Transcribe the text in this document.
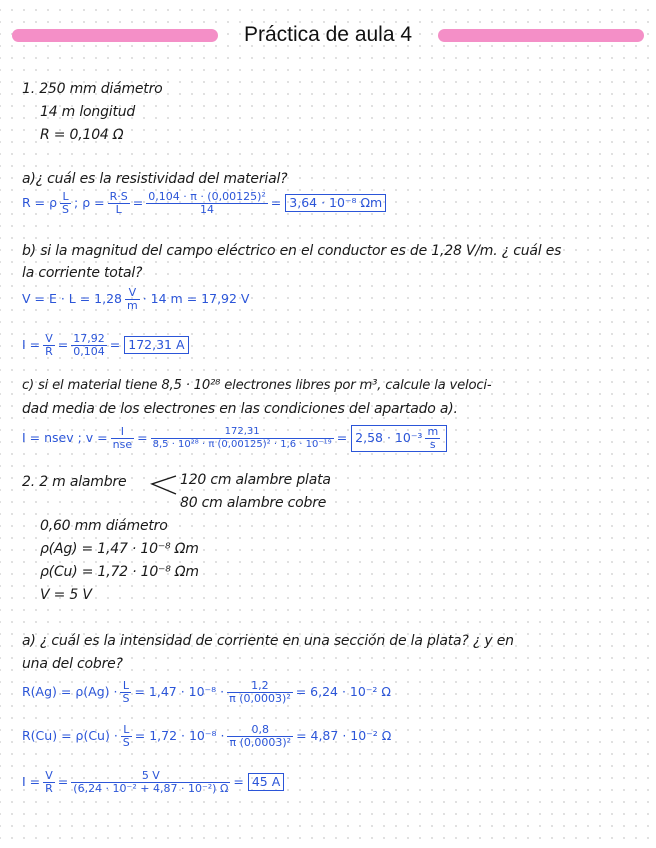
Práctica de aula 4
1. 250 mm diámetro
14 m longitud
R = 0,104 Ω
a)¿ cuál es la resistividad del material?
R = ρ $\frac{L}{S}$ ; $\rho = \frac{R\cdot S}{L} = \frac{\text{0,104 · π · (0,00125)²}}{14} = 3,64 \cdot 10^{-8}$ Ωm
b) si la magnitud del campo eléctrico en el conductor es de 1,28 V/m. ¿ cuál es
la corriente total?
$V = E \cdot L = 1,28 \frac{V}{m} \cdot 14$ m = 17,92 V
$I = \frac{V}{R} = \frac{17,92}{0,104} = 172,31$ A
c) si el material tiene 8,5 · 10²⁸ electrones libres por m³, calcule la veloci-
dad media de los electrones en las condiciones del apartado a).
I = nsev ; $v = \frac{I}{\text{nse}} = \frac{172,31}{\text{8,5 · 10²⁸ · π (0,00125)² · 1,6 · 10⁻¹⁹}} = 2,58 \cdot 10^{-3} \frac{m}{s}$
2. 2 m alambre	120 cm alambre plata
80 cm alambre cobre
0,60 mm diámetro
ρ(Ag) = 1,47 · 10⁻⁸ Ωm
ρ(Cu) = 1,72 · 10⁻⁸ Ωm
V = 5 V
a) ¿ cuál es la intensidad de corriente en una sección de la plata? ¿ y en
una del cobre?
$R(Ag) = \rho(Ag) \cdot \frac{L}{S} = 1,47 \cdot 10^{-8} \cdot \frac{1,2}{\text{π (0,0003)²}} = 6,24 \cdot 10^{-2}$ Ω
$R(Cu) = \rho(Cu) \cdot \frac{L}{S} = 1,72 \cdot 10^{-8} \cdot \frac{0,8}{\text{π (0,0003)²}} = 4,87 \cdot 10^{-2}$ Ω
$I = \frac{V}{R} = \frac{5 V}{\text{(6,24 · 10⁻² + 4,87 · 10⁻²) Ω}} = 45$ A
